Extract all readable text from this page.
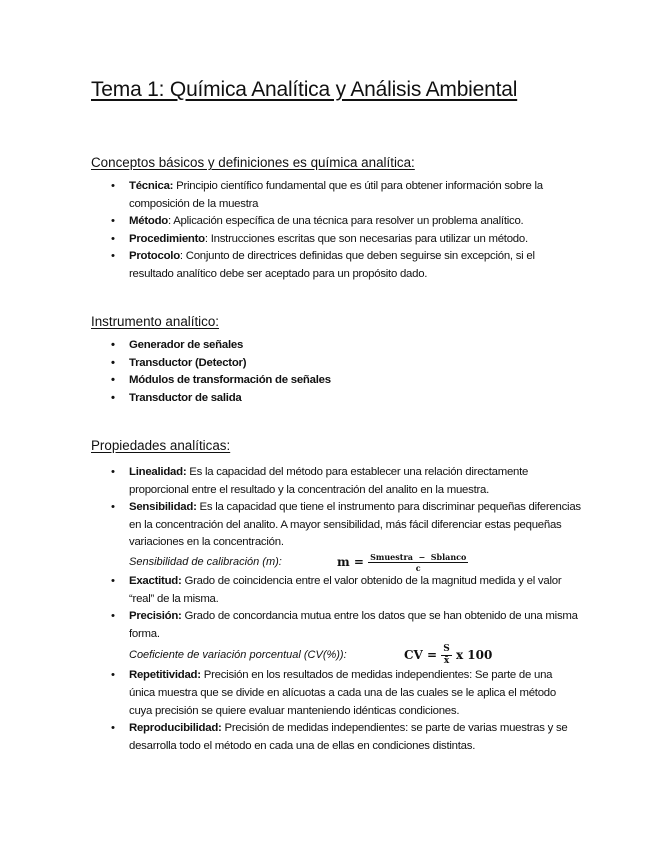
Tema 1: Química Analítica y Análisis Ambiental
Conceptos básicos y definiciones es química analítica:
• Técnica: Principio científico fundamental que es útil para obtener información sobre la composición de la muestra
• Método: Aplicación específica de una técnica para resolver un problema analítico.
• Procedimiento: Instrucciones escritas que son necesarias para utilizar un método.
• Protocolo: Conjunto de directrices definidas que deben seguirse sin excepción, si el resultado analítico debe ser aceptado para un propósito dado.
Instrumento analítico:
• Generador de señales
• Transductor (Detector)
• Módulos de transformación de señales
• Transductor de salida
Propiedades analíticas:
• Linealidad: Es la capacidad del método para establecer una relación directamente proporcional entre el resultado y la concentración del analito en la muestra.
• Sensibilidad: Es la capacidad que tiene el instrumento para discriminar pequeñas diferencias en la concentración del analito. A mayor sensibilidad, más fácil diferenciar estas pequeñas variaciones en la concentración.
Sensibilidad de calibración (m):	$m = \frac{\text{Smuestra − Sblanco}}{c}$
• Exactitud: Grado de coincidencia entre el valor obtenido de la magnitud medida y el valor “real” de la misma.
• Precisión: Grado de concordancia mutua entre los datos que se han obtenido de una misma forma.
Coeficiente de variación porcentual (CV(%)):	CV = $\frac{S}{x̄}$ x 100
• Repetitividad: Precisión en los resultados de medidas independientes: Se parte de una única muestra que se divide en alícuotas a cada una de las cuales se le aplica el método cuya precisión se quiere evaluar manteniendo idénticas condiciones.
• Reproducibilidad: Precisión de medidas independientes: se parte de varias muestras y se desarrolla todo el método en cada una de ellas en condiciones distintas.
